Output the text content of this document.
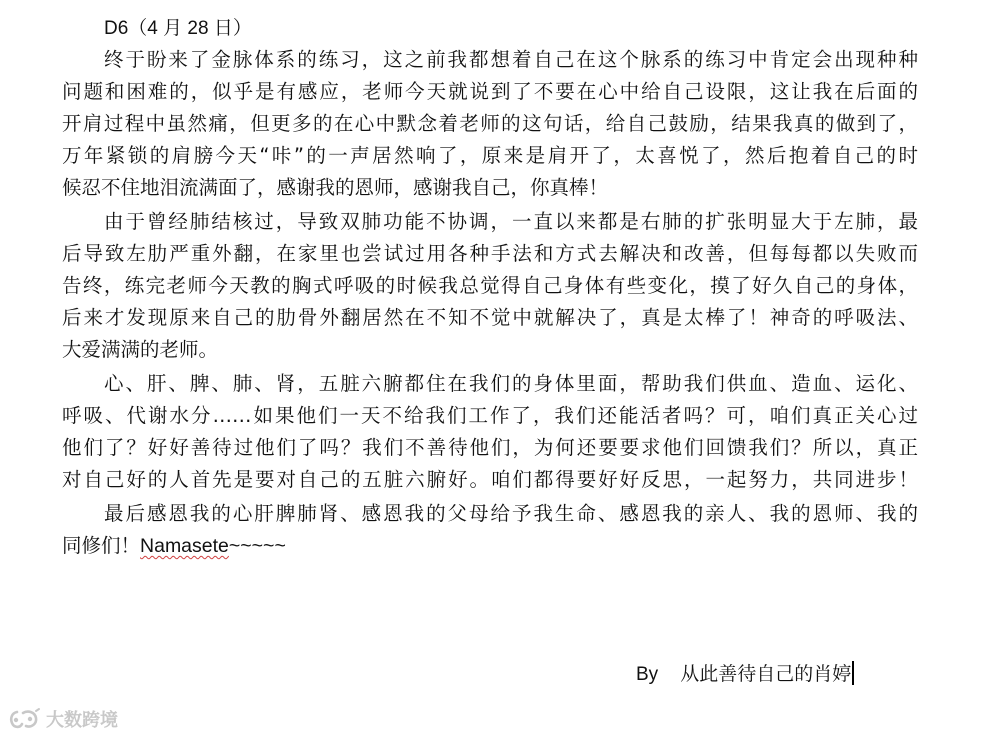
D6（4 月 28 日）
终于盼来了金脉体系的练习，这之前我都想着自己在这个脉系的练习中肯定会出现种种
问题和困难的，似乎是有感应，老师今天就说到了不要在心中给自己设限，这让我在后面的
开肩过程中虽然痛，但更多的在心中默念着老师的这句话，给自己鼓励，结果我真的做到了，
万年紧锁的肩膀今天“咔”的一声居然响了，原来是肩开了，太喜悦了，然后抱着自己的时
候忍不住地泪流满面了，感谢我的恩师，感谢我自己，你真棒！
由于曾经肺结核过，导致双肺功能不协调，一直以来都是右肺的扩张明显大于左肺，最
后导致左肋严重外翻，在家里也尝试过用各种手法和方式去解决和改善，但每每都以失败而
告终，练完老师今天教的胸式呼吸的时候我总觉得自己身体有些变化，摸了好久自己的身体，
后来才发现原来自己的肋骨外翻居然在不知不觉中就解决了，真是太棒了！神奇的呼吸法、
大爱满满的老师。
心、肝、脾、肺、肾，五脏六腑都住在我们的身体里面，帮助我们供血、造血、运化、
呼吸、代谢水分……如果他们一天不给我们工作了，我们还能活者吗？可，咱们真正关心过
他们了？好好善待过他们了吗？我们不善待他们，为何还要要求他们回馈我们？所以，真正
对自己好的人首先是要对自己的五脏六腑好。咱们都得要好好反思，一起努力，共同进步！
最后感恩我的心肝脾肺肾、感恩我的父母给予我生命、感恩我的亲人、我的恩师、我的
同修们！Namasete~~~~~
By 从此善待自己的肖婷
大数跨境
